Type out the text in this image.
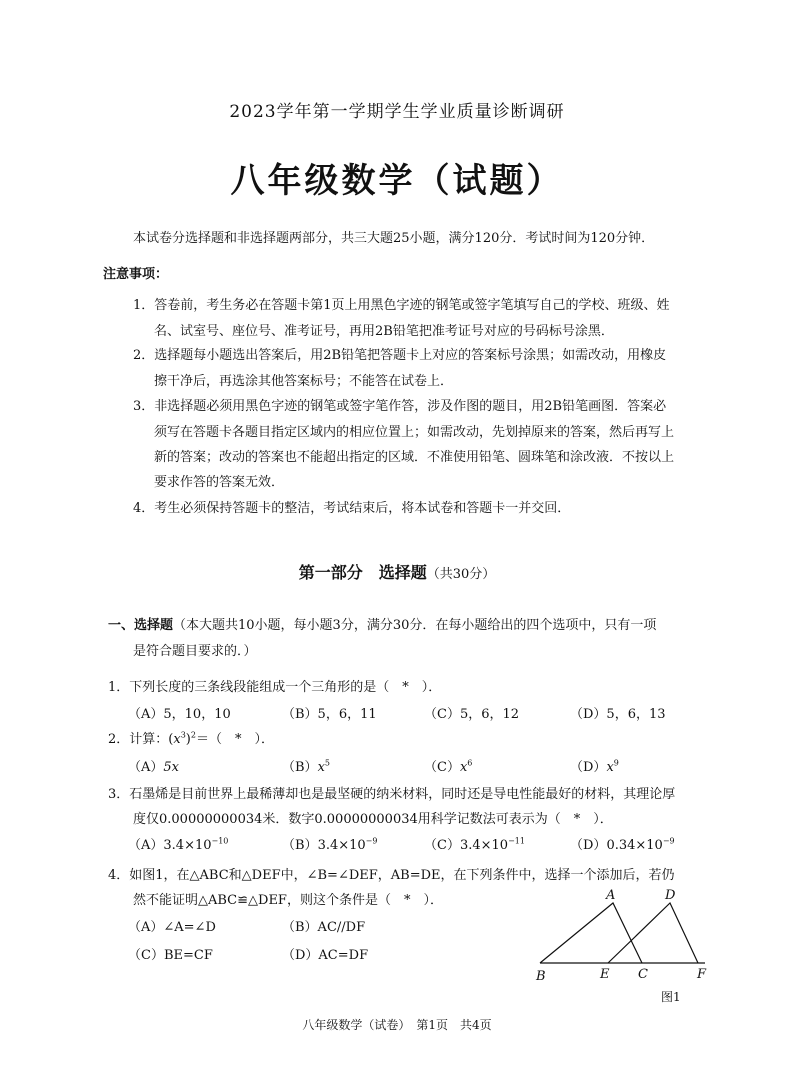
2023学年第一学期学生学业质量诊断调研
八年级数学（试题）
本试卷分选择题和非选择题两部分，共三大题25小题，满分120分．考试时间为120分钟．
注意事项：
1．答卷前，考生务必在答题卡第1页上用黑色字迹的钢笔或签字笔填写自己的学校、班级、姓
名、试室号、座位号、准考证号，再用2B铅笔把准考证号对应的号码标号涂黑．
2．选择题每小题选出答案后，用2B铅笔把答题卡上对应的答案标号涂黑；如需改动，用橡皮
擦干净后，再选涂其他答案标号；不能答在试卷上．
3．非选择题必须用黑色字迹的钢笔或签字笔作答，涉及作图的题目，用2B铅笔画图．答案必
须写在答题卡各题目指定区域内的相应位置上；如需改动，先划掉原来的答案，然后再写上
新的答案；改动的答案也不能超出指定的区域．不准使用铅笔、圆珠笔和涂改液．不按以上
要求作答的答案无效．
4．考生必须保持答题卡的整洁，考试结束后，将本试卷和答题卡一并交回．
第一部分　选择题（共30分）
一、选择题（本大题共10小题，每小题3分，满分30分．在每小题给出的四个选项中，只有一项
是符合题目要求的．）
1．下列长度的三条线段能组成一个三角形的是（　*　）．
（A）5，10，10	（B）5，6，11	（C）5，6，12	（D）5，6，13
2．计算：$(x^3)^2=$（　*　）．
（A）5x	$(B)x^5$	$(C)x^6$	$(D)x^9$
3．石墨烯是目前世界上最稀薄却也是最坚硬的纳米材料，同时还是导电性能最好的材料，其理论厚
度仅0.00000000034米．数字0.00000000034用科学记数法可表示为（　*　）．
$(A)3.4\times 10^{-10}$	$(B)3.4\times 10^{-9}$	$(C)3.4\times 10^{-11}$	$(D)0.34\times 10^{-9}$
4．如图1，在△ABC和△DEF中，∠B=∠DEF，AB=DE，在下列条件中，选择一个添加后，若仍
然不能证明△ABC≌△DEF，则这个条件是（　*　）．
（A）∠A=∠D	（B）AC//DF
（C）BE=CF	（D）AC=DF
A
B	C
D
E	F
图1
八年级数学（试卷）　第1页　共4页
